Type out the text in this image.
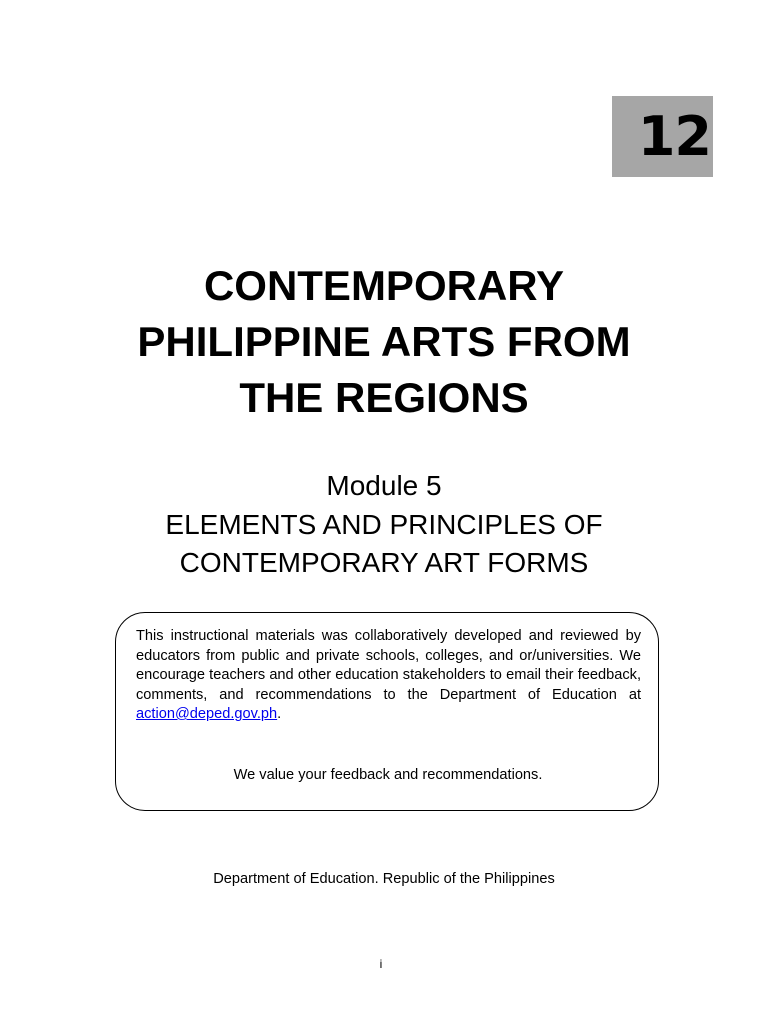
12
CONTEMPORARY
PHILIPPINE ARTS FROM
THE REGIONS
Module 5
ELEMENTS AND PRINCIPLES OF
CONTEMPORARY ART FORMS
This instructional materials was collaboratively developed and reviewed by educators from public and private schools, colleges, and or/universities. We encourage teachers and other education stakeholders to email their feedback, comments, and recommendations to the Department of Education at action@deped.gov.ph.
We value your feedback and recommendations.
Department of Education. Republic of the Philippines
i
